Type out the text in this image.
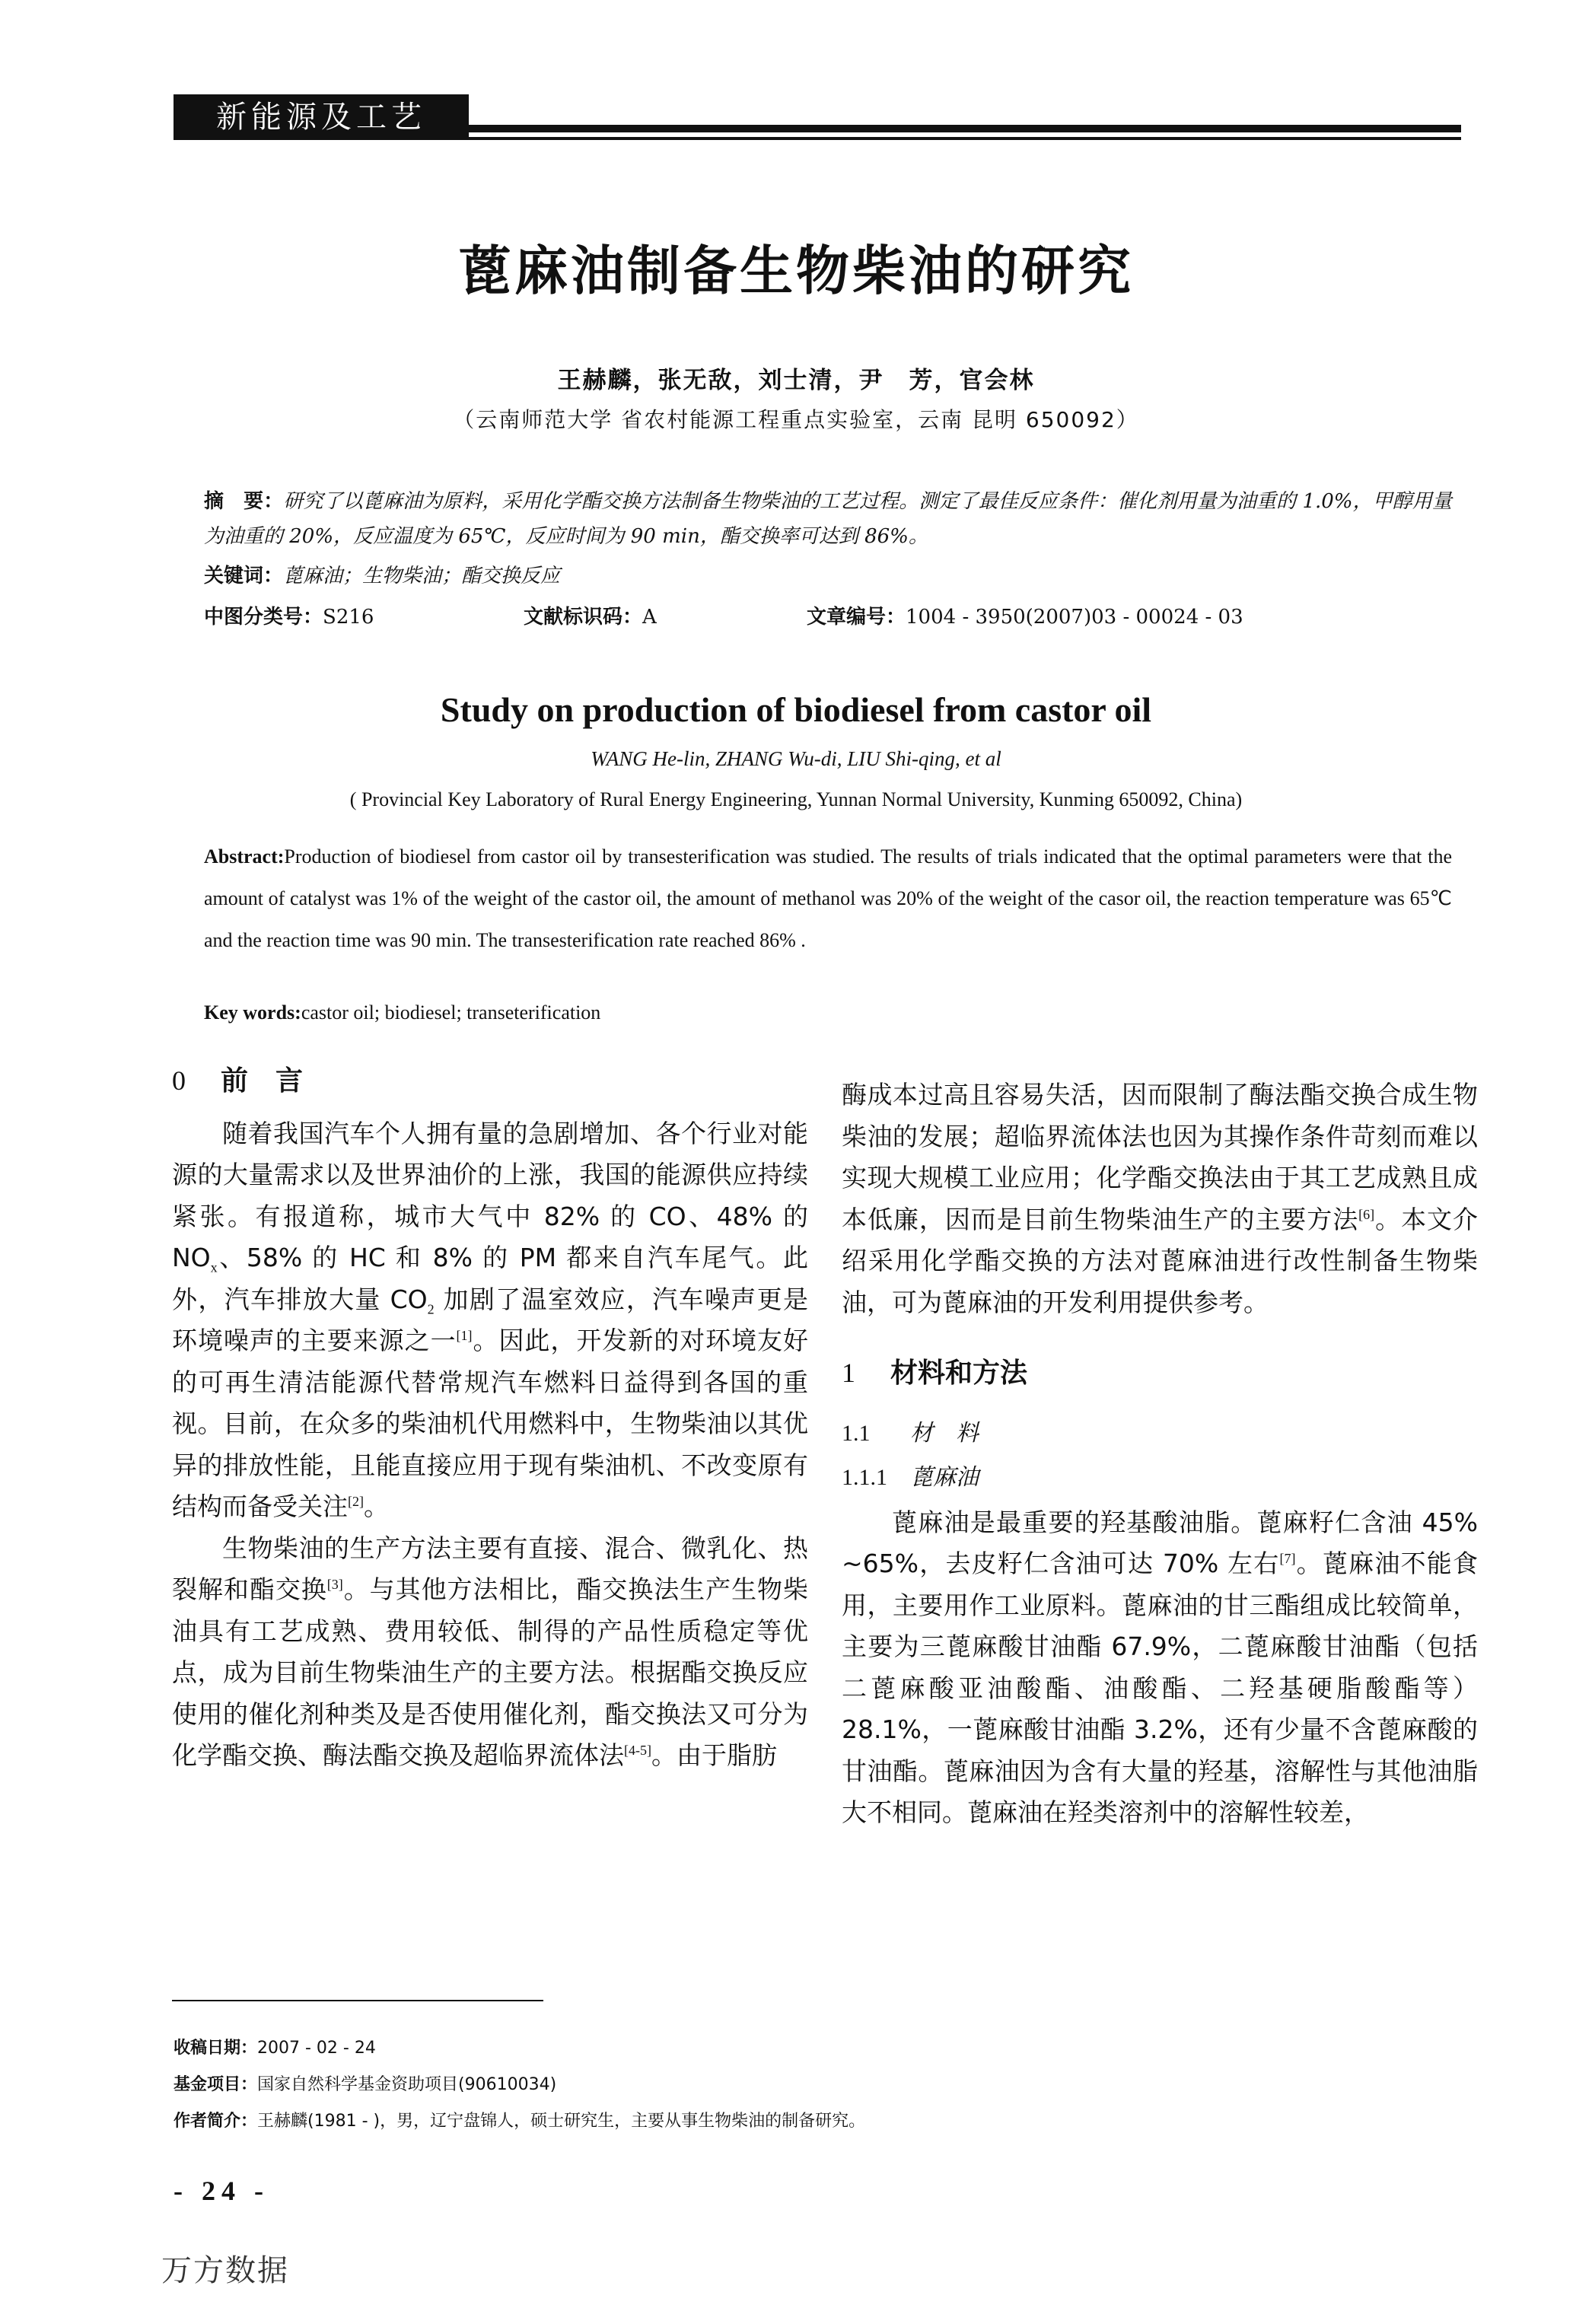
新能源及工艺
蓖麻油制备生物柴油的研究
王赫麟，张无敌，刘士清，尹　芳，官会林
（云南师范大学 省农村能源工程重点实验室，云南 昆明 650092）
摘　要：研究了以蓖麻油为原料，采用化学酯交换方法制备生物柴油的工艺过程。测定了最佳反应条件：催化剂用量为油重的 1.0%，甲醇用量为油重的 20%，反应温度为 65℃，反应时间为 90 min，酯交换率可达到 86%。
关键词：蓖麻油；生物柴油；酯交换反应
中图分类号：S216	文献标识码：A	文章编号：1004 - 3950(2007)03 - 00024 - 03
Study on production of biodiesel from castor oil
WANG He-lin, ZHANG Wu-di, LIU Shi-qing, et al
( Provincial Key Laboratory of Rural Energy Engineering, Yunnan Normal University, Kunming 650092, China)
Abstract:Production of biodiesel from castor oil by transesterification was studied. The results of trials indicated that the optimal parameters were that the amount of catalyst was 1% of the weight of the castor oil, the amount of methanol was 20% of the weight of the casor oil, the reaction temperature was 65℃ and the reaction time was 90 min. The transesterification rate reached 86% .
Key words:castor oil; biodiesel; transeterification
0 前　言

随着我国汽车个人拥有量的急剧增加、各个行业对能源的大量需求以及世界油价的上涨，我国的能源供应持续紧张。有报道称，城市大气中 82% 的 CO、48% 的 $NO_x$、58% 的 HC 和 8% 的 PM 都来自汽车尾气。此外，汽车排放大量 $CO_2$ 加剧了温室效应，汽车噪声更是环境噪声的主要来源之一[1]。因此，开发新的对环境友好的可再生清洁能源代替常规汽车燃料日益得到各国的重视。目前，在众多的柴油机代用燃料中，生物柴油以其优异的排放性能，且能直接应用于现有柴油机、不改变原有结构而备受关注[2]。

生物柴油的生产方法主要有直接、混合、微乳化、热裂解和酯交换[3]。与其他方法相比，酯交换法生产生物柴油具有工艺成熟、费用较低、制得的产品性质稳定等优点，成为目前生物柴油生产的主要方法。根据酯交换反应使用的催化剂种类及是否使用催化剂，酯交换法又可分为化学酯交换、酶法酯交换及超临界流体法[4-5]。由于脂肪

酶成本过高且容易失活，因而限制了酶法酯交换合成生物柴油的发展；超临界流体法也因为其操作条件苛刻而难以实现大规模工业应用；化学酯交换法由于其工艺成熟且成本低廉，因而是目前生物柴油生产的主要方法[6]。本文介绍采用化学酯交换的方法对蓖麻油进行改性制备生物柴油，可为蓖麻油的开发利用提供参考。

1 材料和方法
1.1 材　料
1.1.1 蓖麻油

蓖麻油是最重要的羟基酸油脂。蓖麻籽仁含油 45% ~65%，去皮籽仁含油可达 70% 左右[7]。蓖麻油不能食用，主要用作工业原料。蓖麻油的甘三酯组成比较简单，主要为三蓖麻酸甘油酯 67.9%，二蓖麻酸甘油酯（包括二蓖麻酸亚油酸酯、油酸酯、二羟基硬脂酸酯等）28.1%，一蓖麻酸甘油酯 3.2%，还有少量不含蓖麻酸的甘油酯。蓖麻油因为含有大量的羟基，溶解性与其他油脂大不相同。蓖麻油在羟类溶剂中的溶解性较差，

收稿日期：2007 - 02 - 24
基金项目：国家自然科学基金资助项目(90610034)
作者简介：王赫麟(1981 - )，男，辽宁盘锦人，硕士研究生，主要从事生物柴油的制备研究。
- 24 -
万方数据
